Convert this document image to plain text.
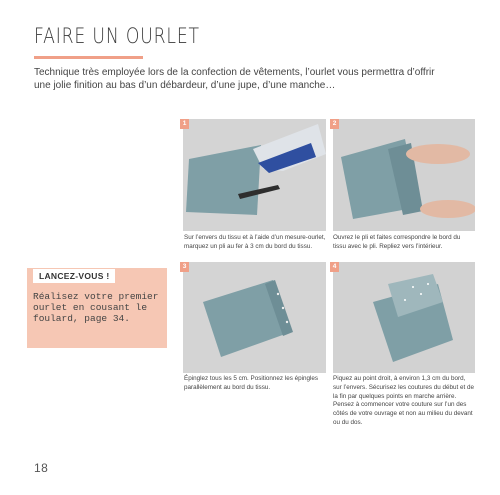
FAIRE UN OURLET
Technique très employée lors de la confection de vêtements, l’ourlet vous permettra d’offrir une jolie finition au bas d’un débardeur, d’une jupe, d’une manche…
1
Sur l’envers du tissu et à l’aide d’un mesure-ourlet, marquez un pli au fer à 3 cm du bord du tissu.
2
Ouvrez le pli et faites correspondre le bord du tissu avec le pli. Repliez vers l’intérieur.
3
Épinglez tous les 5 cm. Positionnez les épingles parallèlement au bord du tissu.
4
Piquez au point droit, à environ 1,3 cm du bord, sur l’envers. Sécurisez les coutures du début et de la fin par quelques points en marche arrière. Pensez à commencer votre couture sur l’un des côtés de votre ouvrage et non au milieu du devant ou du dos.
LANCEZ-VOUS !
Réalisez votre premier ourlet en cousant le foulard, page 34.
18
